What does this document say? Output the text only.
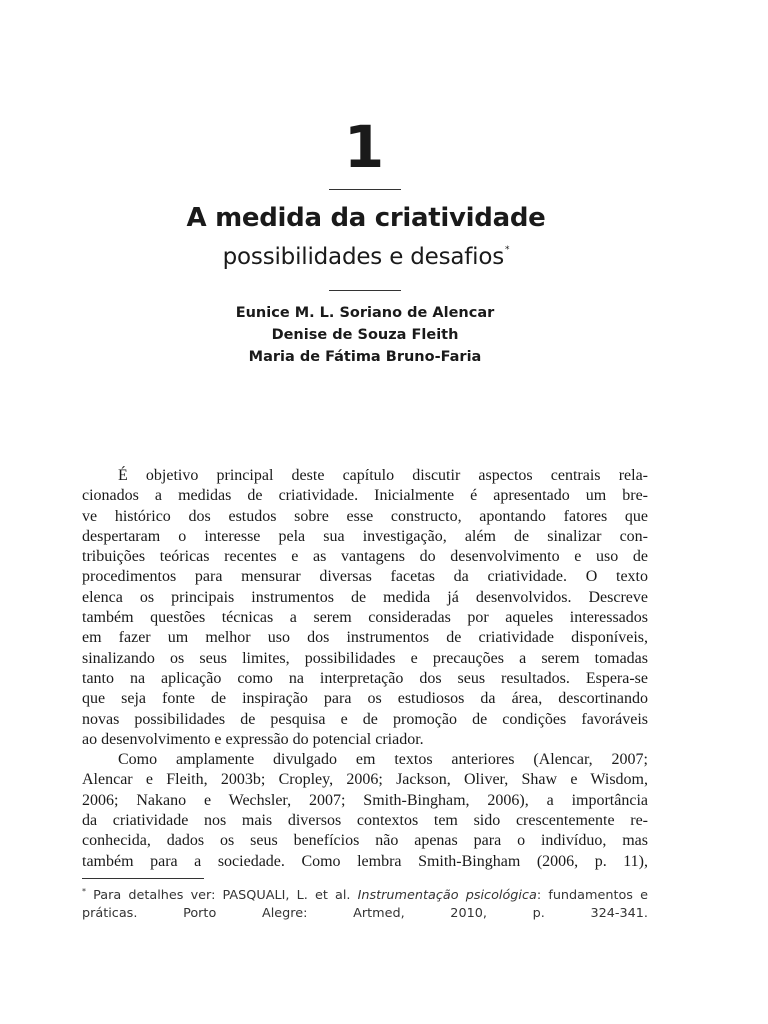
1
A medida da criatividade
possibilidades e desafios*
Eunice M. L. Soriano de Alencar
Denise de Souza Fleith
Maria de Fátima Bruno-Faria

É objetivo principal deste capítulo discutir aspectos centrais rela-
cionados a medidas de criatividade. Inicialmente é apresentado um bre-
ve histórico dos estudos sobre esse constructo, apontando fatores que
despertaram o interesse pela sua investigação, além de sinalizar con-
tribuições teóricas recentes e as vantagens do desenvolvimento e uso de
procedimentos para mensurar diversas facetas da criatividade. O texto
elenca os principais instrumentos de medida já desenvolvidos. Descreve
também questões técnicas a serem consideradas por aqueles interessados
em fazer um melhor uso dos instrumentos de criatividade disponíveis,
sinalizando os seus limites, possibilidades e precauções a serem tomadas
tanto na aplicação como na interpretação dos seus resultados. Espera-se
que seja fonte de inspiração para os estudiosos da área, descortinando
novas possibilidades de pesquisa e de promoção de condições favoráveis
ao desenvolvimento e expressão do potencial criador.

Como amplamente divulgado em textos anteriores (Alencar, 2007;
Alencar e Fleith, 2003b; Cropley, 2006; Jackson, Oliver, Shaw e Wisdom,
2006; Nakano e Wechsler, 2007; Smith-Bingham, 2006), a importância
da criatividade nos mais diversos contextos tem sido crescentemente re-
conhecida, dados os seus benefícios não apenas para o indivíduo, mas
também para a sociedade. Como lembra Smith-Bingham (2006, p. 11),

* Para detalhes ver: PASQUALI, L. et al. Instrumentação psicológica: fundamentos e
práticas. Porto Alegre: Artmed, 2010, p. 324-341.
